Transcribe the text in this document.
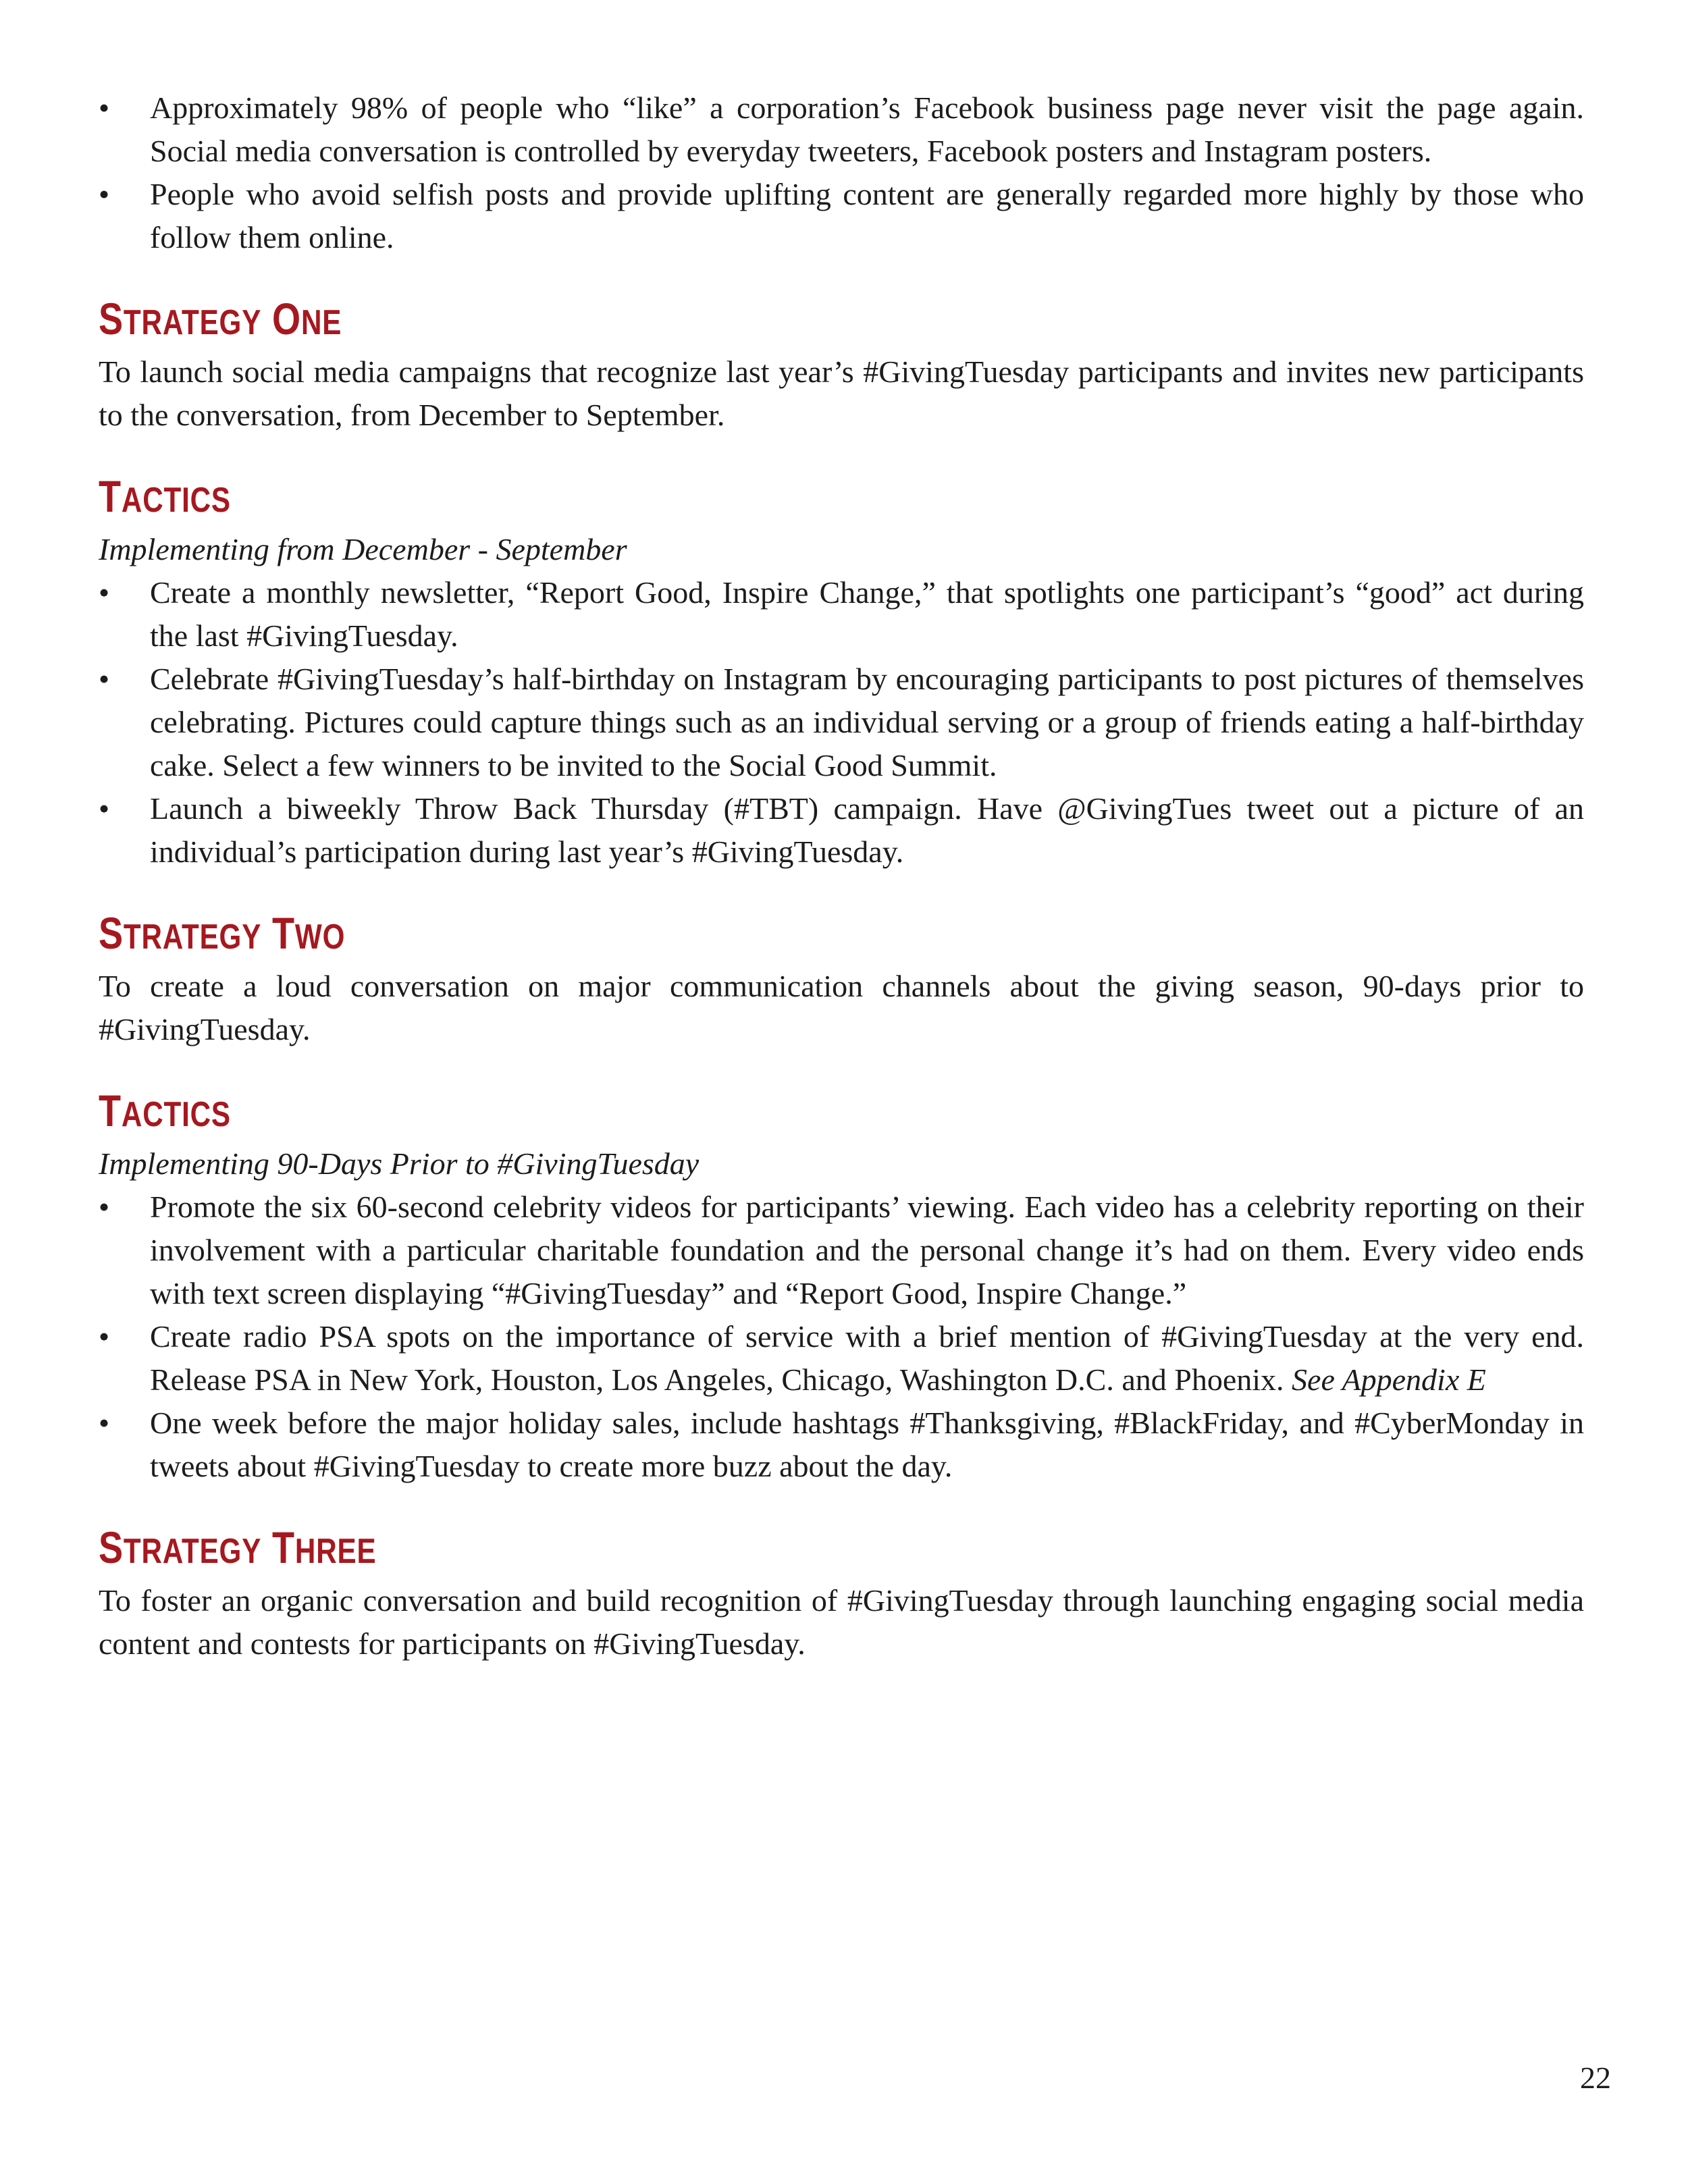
•	Approximately 98% of people who “like” a corporation’s Facebook business page never visit the page again. Social media conversation is controlled by everyday tweeters, Facebook posters and Instagram posters.
•	People who avoid selfish posts and provide uplifting content are generally regarded more highly by those who follow them online.
STRATEGY ONE

To launch social media campaigns that recognize last year’s #GivingTuesday participants and invites new participants to the conversation, from December to September.

TACTICS

Implementing from December - September

•	Create a monthly newsletter, “Report Good, Inspire Change,” that spotlights one participant’s “good” act during the last #GivingTuesday.
•	Celebrate #GivingTuesday’s half-birthday on Instagram by encouraging participants to post pictures of themselves celebrating. Pictures could capture things such as an individual serving or a group of friends eating a half-birthday cake. Select a few winners to be invited to the Social Good Summit.
•	Launch a biweekly Throw Back Thursday (#TBT) campaign. Have @GivingTues tweet out a picture of an individual’s participation during last year’s #GivingTuesday.
STRATEGY TWO

To create a loud conversation on major communication channels about the giving season, 90-days prior to #GivingTuesday.

TACTICS

Implementing 90-Days Prior to #GivingTuesday

•	Promote the six 60-second celebrity videos for participants’ viewing. Each video has a celebrity reporting on their involvement with a particular charitable foundation and the personal change it’s had on them. Every video ends with text screen displaying “#GivingTuesday” and “Report Good, Inspire Change.”
•	Create radio PSA spots on the importance of service with a brief mention of #GivingTuesday at the very end. Release PSA in New York, Houston, Los Angeles, Chicago, Washington D.C. and Phoenix. See Appendix E
•	One week before the major holiday sales, include hashtags #Thanksgiving, #BlackFriday, and #CyberMonday in tweets about #GivingTuesday to create more buzz about the day.
STRATEGY THREE

To foster an organic conversation and build recognition of #GivingTuesday through launching engaging social media content and contests for participants on #GivingTuesday.

22
